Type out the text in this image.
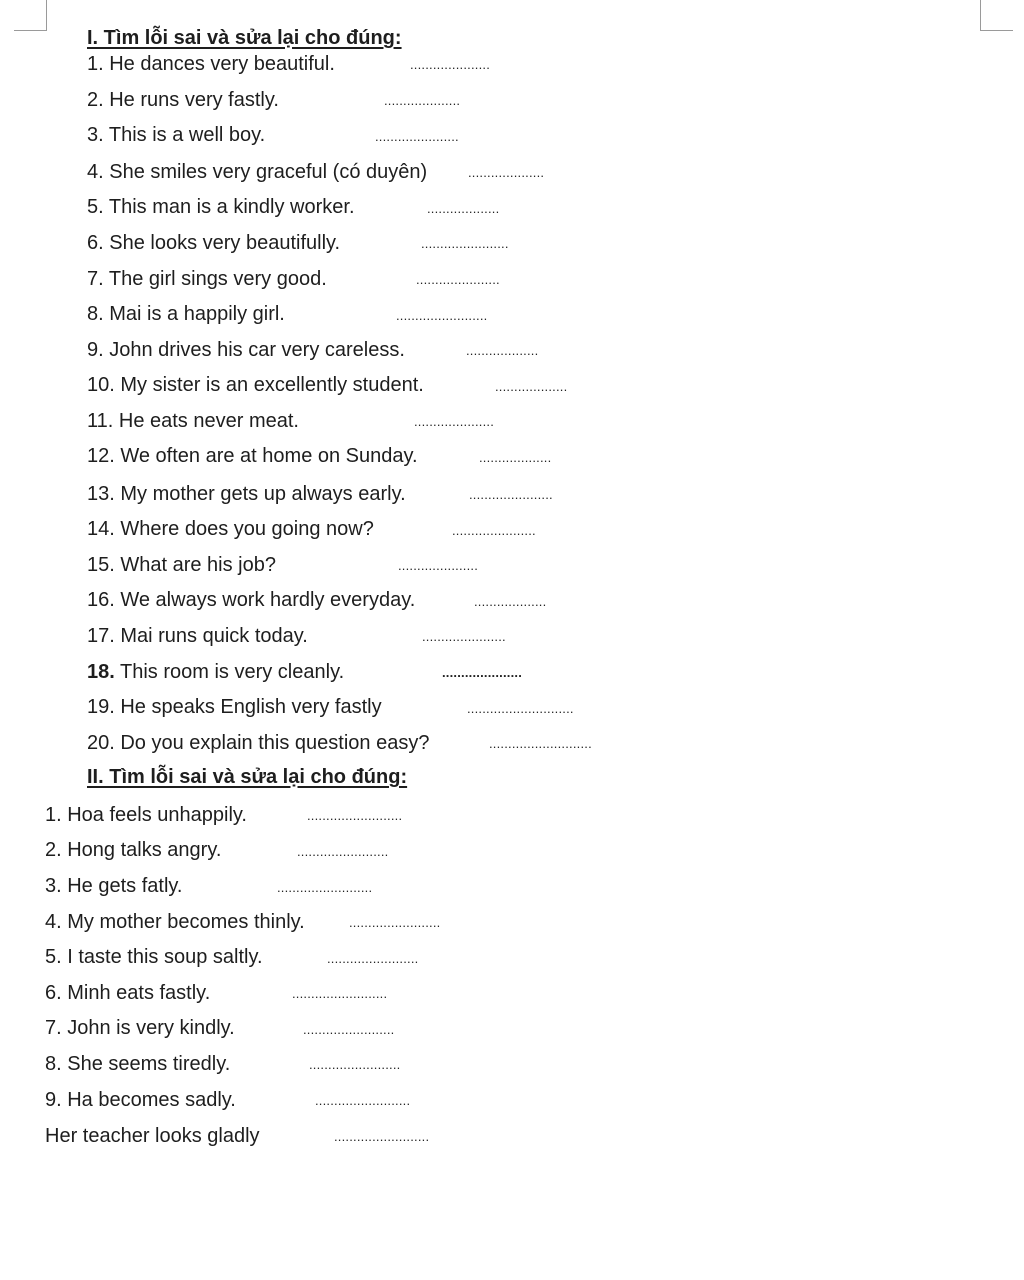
I. Tìm lỗi sai và sửa lại cho đúng:
1. He dances very beautiful.	.....................
2. He runs very fastly.	....................
3. This is a well boy.	......................
4. She smiles very graceful (có duyên)	....................
5. This man is a kindly worker.	...................
6. She looks very beautifully.	.......................
7. The girl sings very good.	......................
8. Mai is a happily girl.	........................
9. John drives his car very careless.	...................
10. My sister is an excellently student.	...................
11. He eats never meat.	.....................
12. We often are at home on Sunday.	...................
13. My mother gets up always early.	......................
14. Where does you going now?	......................
15. What are his job?	.....................
16. We always work hardly everyday.	...................
17. Mai runs quick today.	......................
18. This room is very cleanly.	.....................
19. He speaks English very fastly	............................
20. Do you explain this question easy?	...........................
II. Tìm lỗi sai và sửa lại cho đúng:
1. Hoa feels unhappily.	.........................
2. Hong talks angry.	........................
3. He gets fatly.	.........................
4. My mother becomes thinly.	........................
5. I taste this soup saltly.	........................
6. Minh eats fastly.	.........................
7. John is very kindly.	........................
8. She seems tiredly.	........................
9. Ha becomes sadly.	.........................
Her teacher looks gladly	.........................
